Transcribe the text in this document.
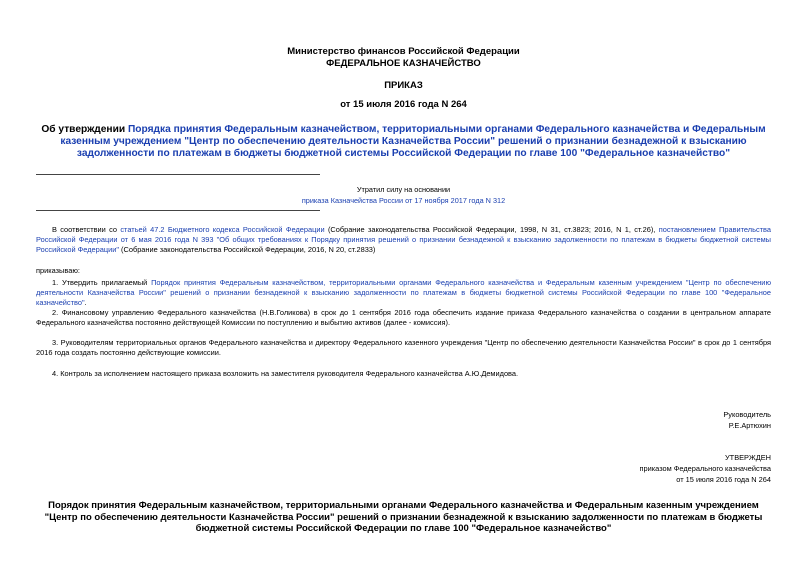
Министерство финансов Российской Федерации
ФЕДЕРАЛЬНОЕ КАЗНАЧЕЙСТВО
ПРИКАЗ
от 15 июля 2016 года N 264
Об утверждении Порядка принятия Федеральным казначейством, территориальными органами Федерального казначейства и Федеральным казенным учреждением "Центр по обеспечению деятельности Казначейства России" решений о признании безнадежной к взысканию задолженности по платежам в бюджеты бюджетной системы Российской Федерации по главе 100 "Федеральное казначейство"
Утратил силу на основании
приказа Казначейства России от 17 ноября 2017 года N 312
В соответствии со статьей 47.2 Бюджетного кодекса Российской Федерации (Собрание законодательства Российской Федерации, 1998, N 31, ст.3823; 2016, N 1, ст.26), постановлением Правительства Российской Федерации от 6 мая 2016 года N 393 "Об общих требованиях к Порядку принятия решений о признании безнадежной к взысканию задолженности по платежам в бюджеты бюджетной системы Российской Федерации" (Собрание законодательства Российской Федерации, 2016, N 20, ст.2833)
приказываю:
1. Утвердить прилагаемый Порядок принятия Федеральным казначейством, территориальными органами Федерального казначейства и Федеральным казенным учреждением "Центр по обеспечению деятельности Казначейства России" решений о признании безнадежной к взысканию задолженности по платежам в бюджеты бюджетной системы Российской Федерации по главе 100 "Федеральное казначейство".
2. Финансовому управлению Федерального казначейства (Н.В.Голикова) в срок до 1 сентября 2016 года обеспечить издание приказа Федерального казначейства о создании в центральном аппарате Федерального казначейства постоянно действующей Комиссии по поступлению и выбытию активов (далее - комиссия).
3. Руководителям территориальных органов Федерального казначейства и директору Федерального казенного учреждения "Центр по обеспечению деятельности Казначейства России" в срок до 1 сентября 2016 года создать постоянно действующие комиссии.
4. Контроль за исполнением настоящего приказа возложить на заместителя руководителя Федерального казначейства А.Ю.Демидова.
Руководитель
Р.Е.Артюхин
УТВЕРЖДЕН
приказом Федерального казначейства
от 15 июля 2016 года N 264
Порядок принятия Федеральным казначейством, территориальными органами Федерального казначейства и Федеральным казенным учреждением "Центр по обеспечению деятельности Казначейства России" решений о признании безнадежной к взысканию задолженности по платежам в бюджеты бюджетной системы Российской Федерации по главе 100 "Федеральное казначейство"
